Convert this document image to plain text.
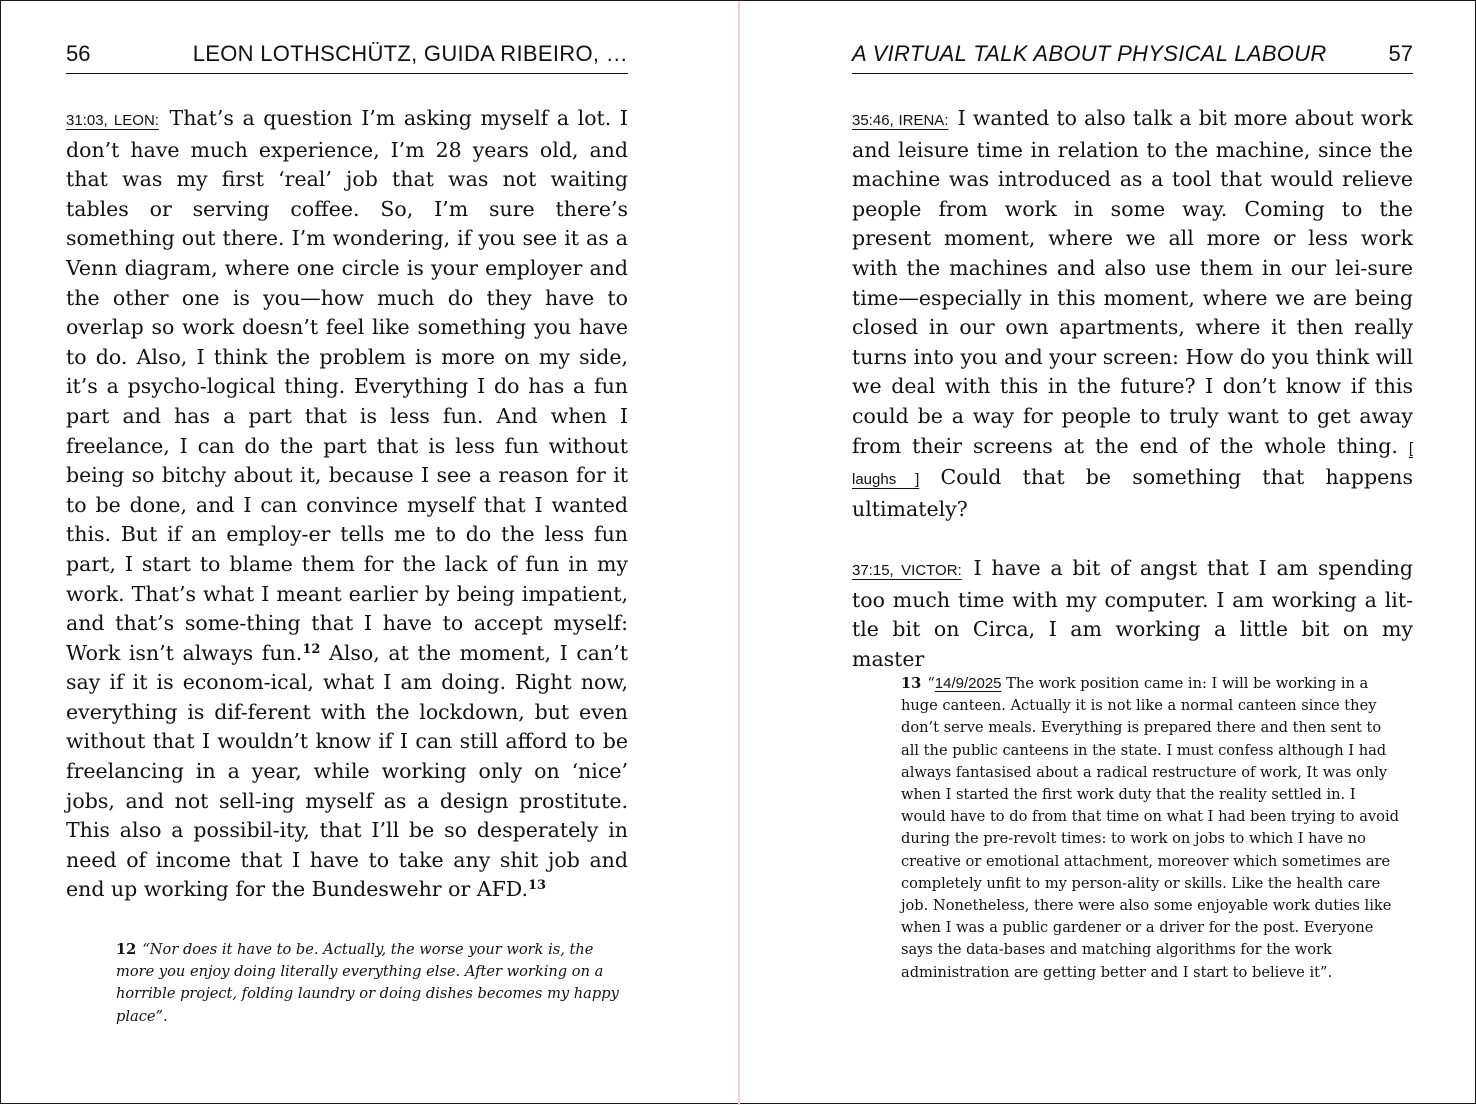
56	LEON LOTHSCHÜTZ, GUIDA RIBEIRO, …

31:03, LEON: That’s a question I’m asking myself a lot. I don’t have much experience, I’m 28 years old, and that was my first ‘real’ job that was not waiting tables or serving coffee. So, I’m sure there’s something out there. I’m wondering, if you see it as a Venn diagram, where one circle is your employer and the other one is you—how much do they have to overlap so work doesn’t feel like something you have to do. Also, I think the problem is more on my side, it’s a psycho-logical thing. Everything I do has a fun part and has a part that is less fun. And when I freelance, I can do the part that is less fun without being so bitchy about it, because I see a reason for it to be done, and I can convince myself that I wanted this. But if an employ-er tells me to do the less fun part, I start to blame them for the lack of fun in my work. That’s what I meant earlier by being impatient, and that’s some-thing that I have to accept myself: Work isn’t always fun.$^{12}$ Also, at the moment, I can’t say if it is econom-ical, what I am doing. Right now, everything is dif-ferent with the lockdown, but even without that I wouldn’t know if I can still afford to be freelancing in a year, while working only on ‘nice’ jobs, and not sell-ing myself as a design prostitute. This also a possibil-ity, that I’ll be so desperately in need of income that I have to take any shit job and end up working for the Bundeswehr or AFD.$^{13}$

12 “Nor does it have to be. Actually, the worse your work is, the more you enjoy doing literally everything else. After working on a horrible project, folding laundry or doing dishes becomes my happy place”.
A VIRTUAL TALK ABOUT PHYSICAL LABOUR	57

35:46, IRENA: I wanted to also talk a bit more about work and leisure time in relation to the machine, since the machine was introduced as a tool that would relieve people from work in some way. Coming to the present moment, where we all more or less work with the machines and also use them in our lei-sure time—especially in this moment, where we are being closed in our own apartments, where it then really turns into you and your screen: How do you think will we deal with this in the future? I don’t know if this could be a way for people to truly want to get away from their screens at the end of the whole thing. [ laughs ] Could that be something that happens ultimately?

37:15, VICTOR: I have a bit of angst that I am spending too much time with my computer. I am working a lit-tle bit on Circa, I am working a little bit on my master

13 “14/9/2025 The work position came in: I will be working in a huge canteen. Actually it is not like a normal canteen since they don’t serve meals. Everything is prepared there and then sent to all the public canteens in the state. I must confess although I had always fantasised about a radical restructure of work, It was only when I started the first work duty that the reality settled in. I would have to do from that time on what I had been trying to avoid during the pre-revolt times: to work on jobs to which I have no creative or emotional attachment, moreover which sometimes are completely unfit to my person-ality or skills. Like the health care job. Nonetheless, there were also some enjoyable work duties like when I was a public gardener or a driver for the post. Everyone says the data-bases and matching algorithms for the work administration are getting better and I start to believe it”.
